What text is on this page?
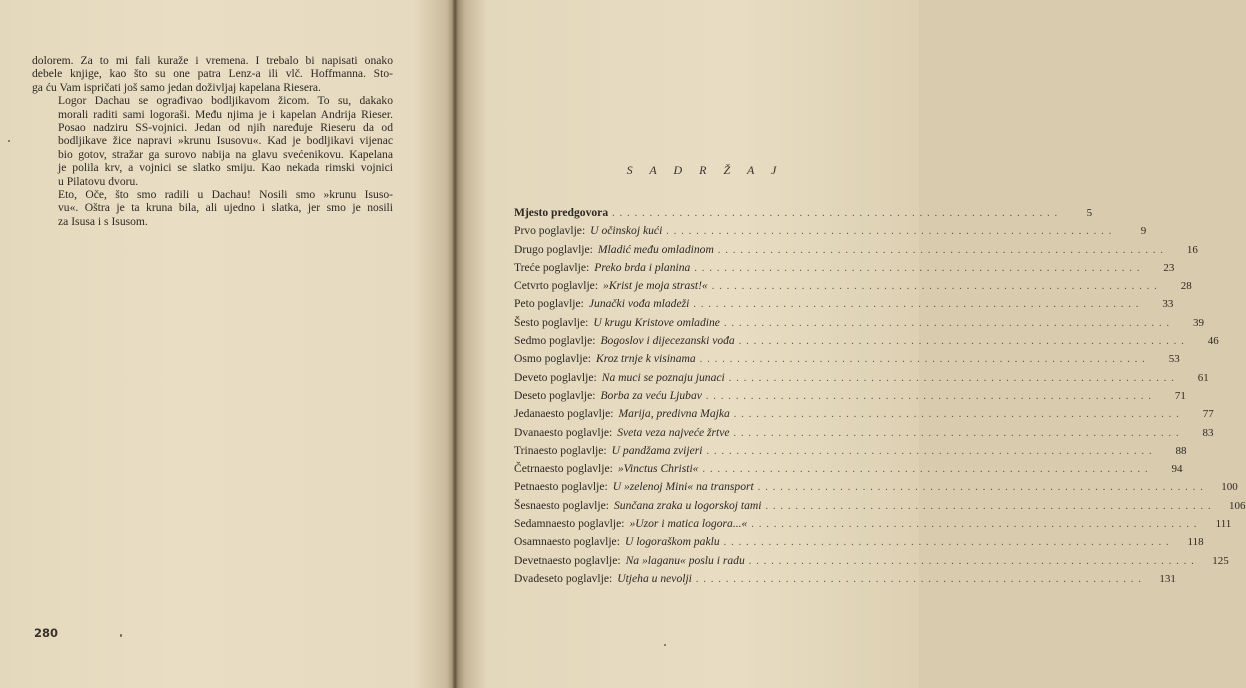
dolorem. Za to mi fali kuraže i vremena. I trebalo bi napisati onako
debele knjige, kao što su one patra Lenz-a ili vlč. Hoffmanna. Sto-
ga ću Vam ispričati još samo jedan doživljaj kapelana Riesera.

Logor Dachau se ograđivao bodljikavom žicom. To su, dakako
morali raditi sami logoraši. Među njima je i kapelan Andrija Rieser.
Posao nadziru SS-vojnici. Jedan od njih naređuje Rieseru da od
bodljikave žice napravi »krunu Isusovu«. Kad je bodljikavi vijenac
bio gotov, stražar ga surovo nabija na glavu svećenikovu. Kapelana
je polila krv, a vojnici se slatko smiju. Kao nekada rimski vojnici
u Pilatovu dvoru.

Eto, Oče, što smo radili u Dachau! Nosili smo »krunu Isuso-
vu«. Oštra je ta kruna bila, ali ujedno i slatka, jer smo je nosili
za Isusa i s Isusom.

280
S A D R Ž A J
Mjesto predgovora ............................................................	5
Prvo poglavlje: U očinskoj kući ............................................................	9
Drugo poglavlje: Mladić među omladinom ............................................................	16
Treće poglavlje: Preko brda i planina ............................................................	23
Cetvrto poglavlje: »Krist je moja strast!« ............................................................	28
Peto poglavlje: Junački vođa mladeži ............................................................	33
Šesto poglavlje: U krugu Kristove omladine ............................................................	39
Sedmo poglavlje: Bogoslov i dijecezanski vođa ............................................................	46
Osmo poglavlje: Kroz trnje k visinama ............................................................	53
Deveto poglavlje: Na muci se poznaju junaci ............................................................	61
Deseto poglavlje: Borba za veću Ljubav ............................................................	71
Jedanaesto poglavlje: Marija, predivna Majka ............................................................	77
Dvanaesto poglavlje: Sveta veza najveće žrtve ............................................................	83
Trinaesto poglavlje: U pandžama zvijeri ............................................................	88
Četrnaesto poglavlje: »Vinctus Christi« ............................................................	94
Petnaesto poglavlje: U »zelenoj Mini« na transport ............................................................	100
Šesnaesto poglavlje: Sunčana zraka u logorskoj tami ............................................................	106
Sedamnaesto poglavlje: »Uzor i matica logora...« ............................................................	111
Osamnaesto poglavlje: U logoraškom paklu ............................................................	118
Devetnaesto poglavlje: Na »laganu« poslu i radu ............................................................	125
Dvadeseto poglavlje: Utjeha u nevolji ............................................................	131
